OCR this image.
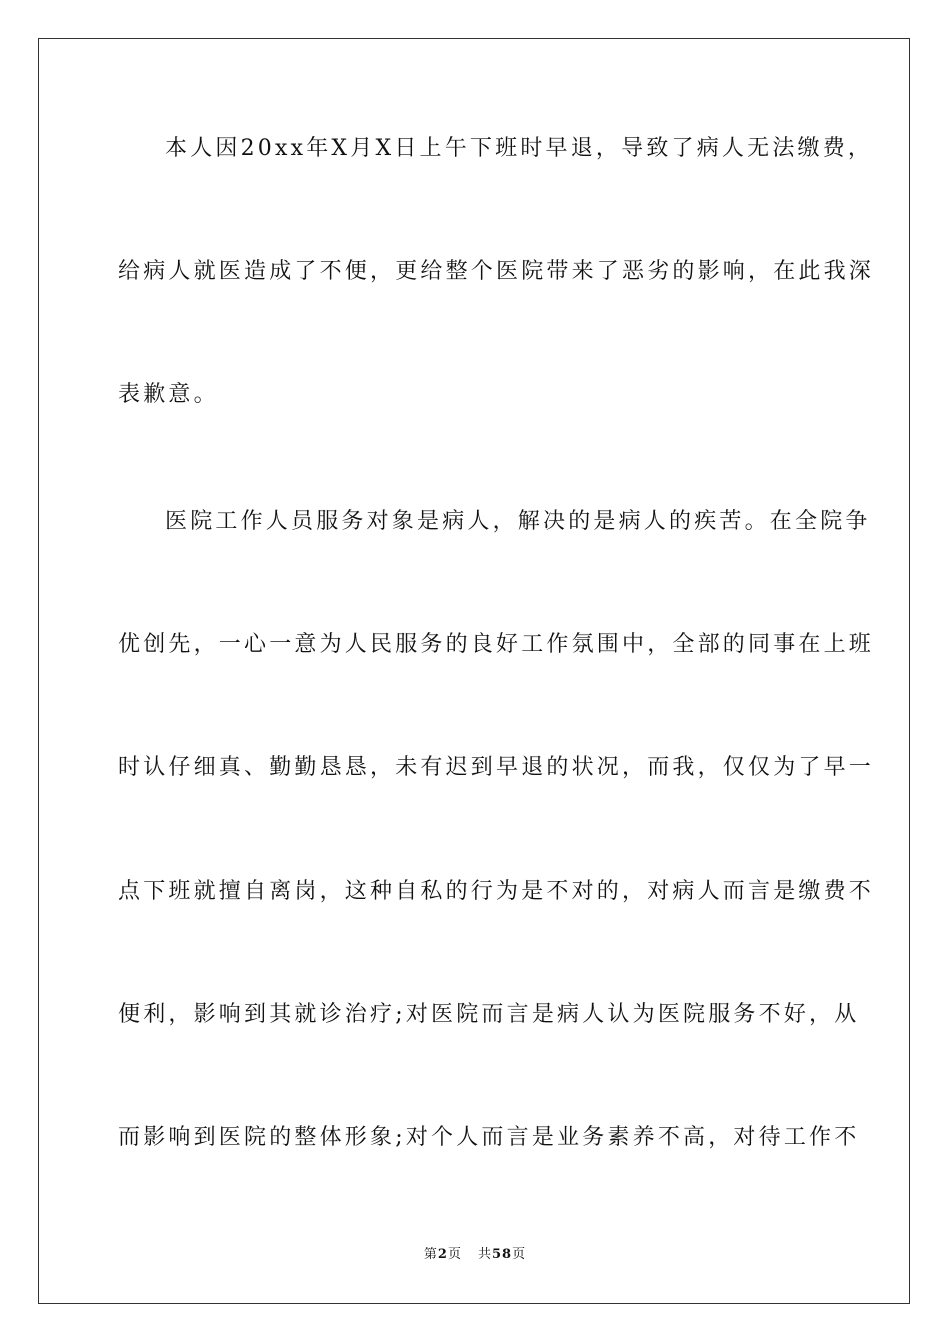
本人因20xx年X月X日上午下班时早退，导致了病人无法缴费，
给病人就医造成了不便，更给整个医院带来了恶劣的影响，在此我深
表歉意。
医院工作人员服务对象是病人，解决的是病人的疾苦。在全院争
优创先，一心一意为人民服务的良好工作氛围中，全部的同事在上班
时认仔细真、勤勤恳恳，未有迟到早退的状况，而我，仅仅为了早一
点下班就擅自离岗，这种自私的行为是不对的，对病人而言是缴费不
便利，影响到其就诊治疗;对医院而言是病人认为医院服务不好，从
而影响到医院的整体形象;对个人而言是业务素养不高，对待工作不
第2页 共58页
